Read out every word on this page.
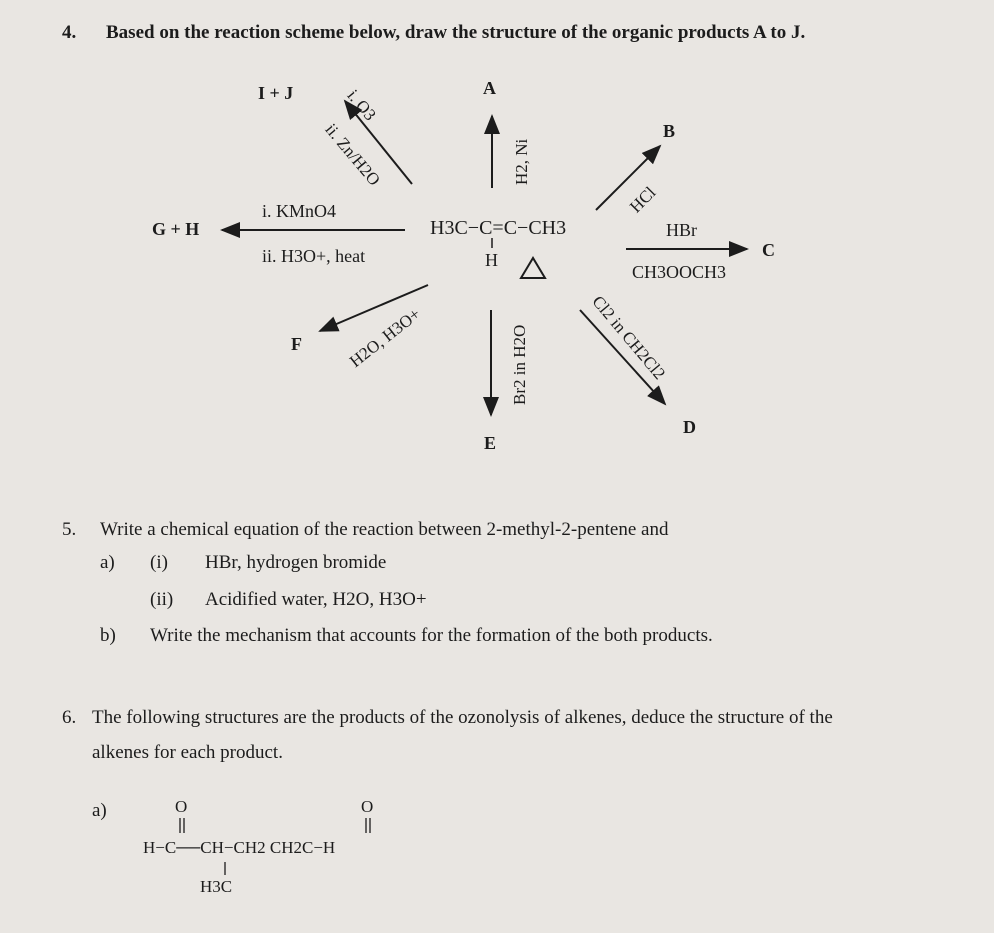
4. Based on the reaction scheme below, draw the structure of the organic products A to J.
I + J	A
B
G + H
C
F
E
D
H3C−C=C−CH3
H
i. O3
ii. Zn/H2O	H2, Ni
HCl
i. KMnO4
ii. H3O+, heat
HBr
CH3OOCH3
H2O, H3O+	Br2 in H2O	Cl2 in CH2Cl2
5. Write a chemical equation of the reaction between 2-methyl-2-pentene and
a) (i) HBr, hydrogen bromide
(ii) Acidified water, H2O, H3O+
b) Write the mechanism that accounts for the formation of the both products.
6. The following structures are the products of the ozonolysis of alkenes, deduce the structure of the
alkenes for each product.
a)	O	O
H−C──CH−CH2 CH2C−H
H3C
